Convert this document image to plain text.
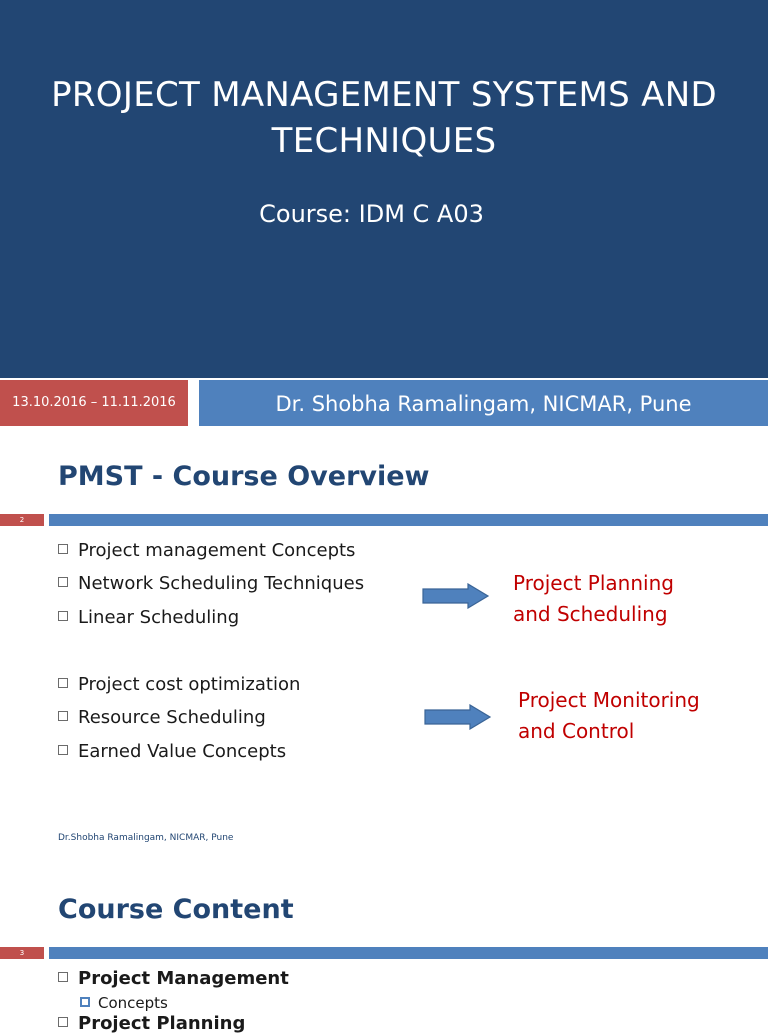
PROJECT MANAGEMENT SYSTEMS AND
TECHNIQUES
Course: IDM C A03
13.10.2016 – 11.11.2016	Dr. Shobha Ramalingam, NICMAR, Pune
PMST - Course Overview
2
Project management Concepts
Network Scheduling Techniques
Linear Scheduling
Project Planning
and Scheduling
Project cost optimization
Resource Scheduling
Earned Value Concepts
Project Monitoring
and Control
Dr.Shobha Ramalingam, NICMAR, Pune
Course Content
3
Project Management
Concepts
Project Planning
